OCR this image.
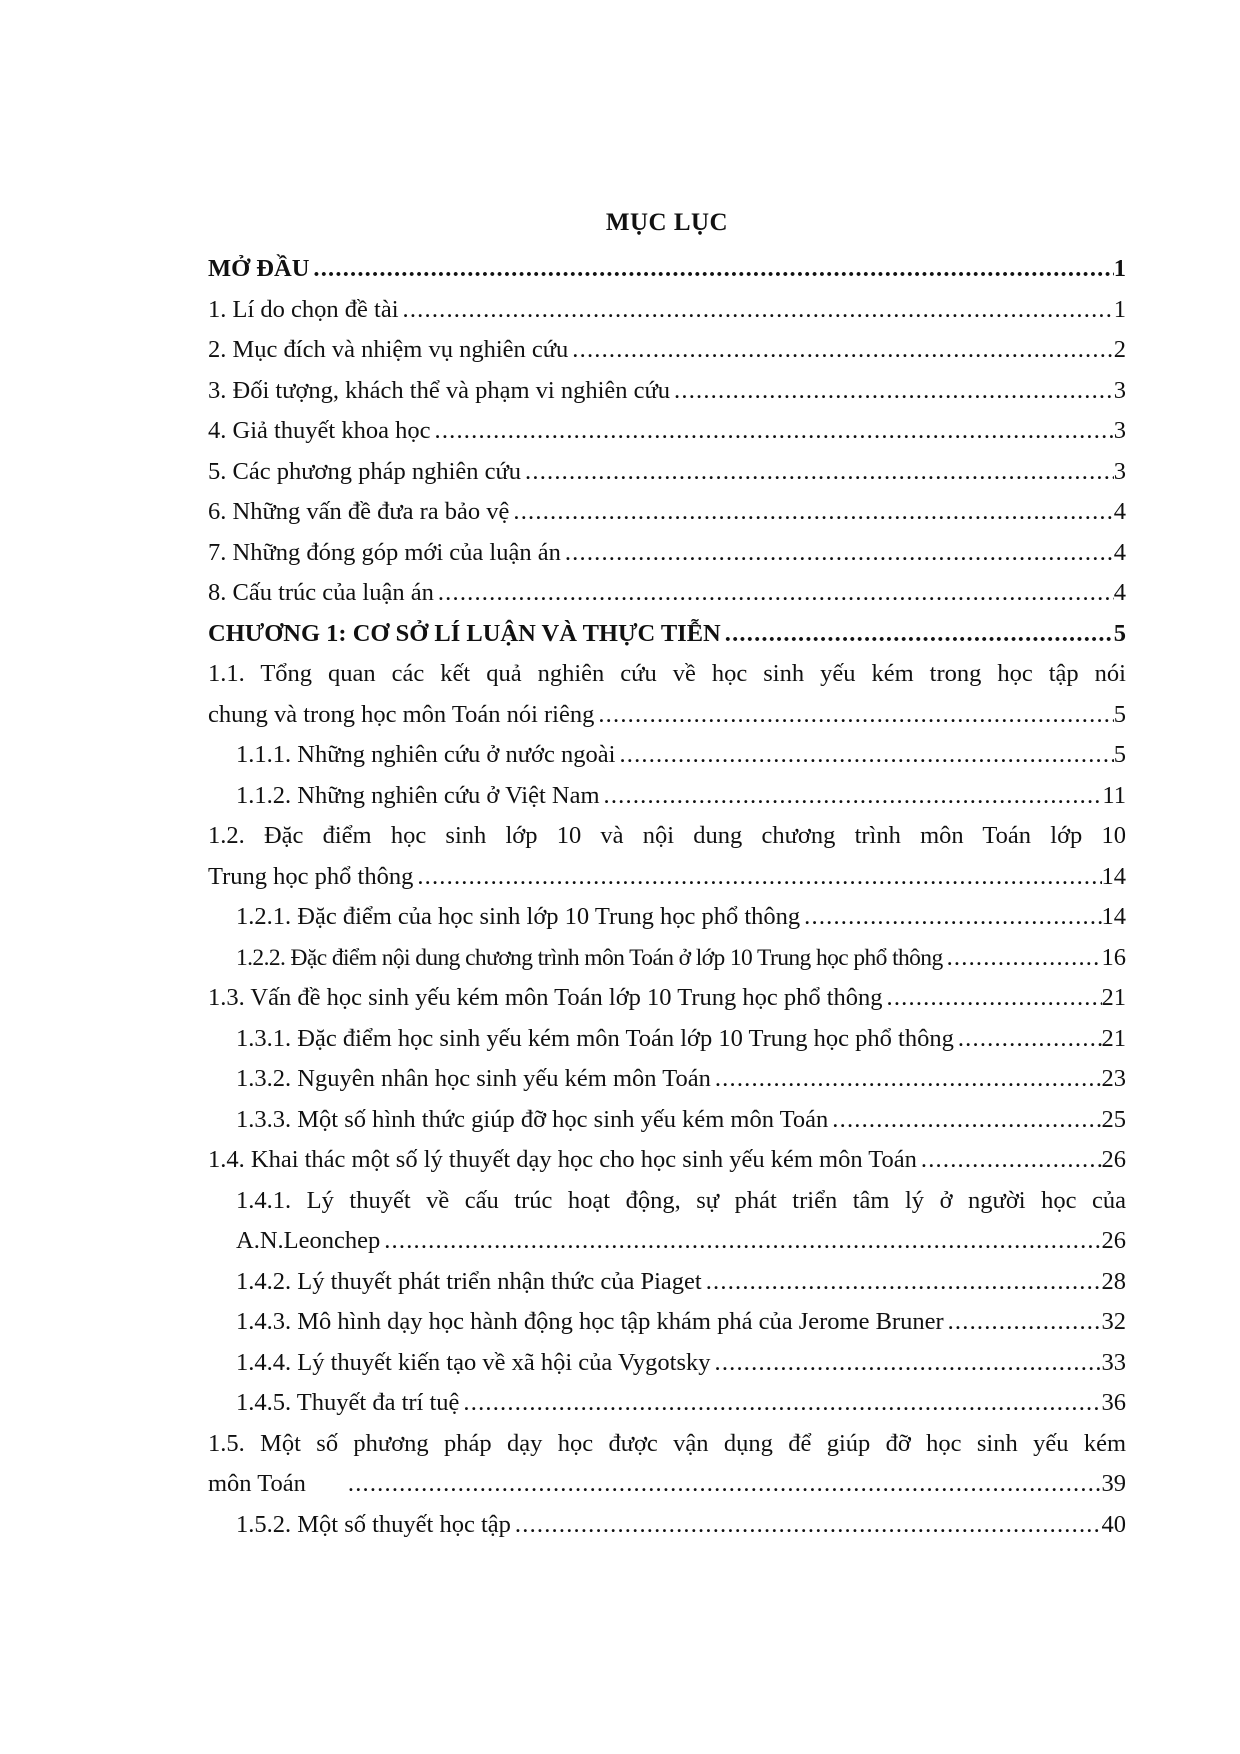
MỤC LỤC
MỞ ĐẦU .....	1
1. Lí do chọn đề tài .....	1
2. Mục đích và nhiệm vụ nghiên cứu .....	2
3. Đối tượng, khách thể và phạm vi nghiên cứu .....	3
4. Giả thuyết khoa học .....	3
5. Các phương pháp nghiên cứu .....	3
6. Những vấn đề đưa ra bảo vệ .....	4
7. Những đóng góp mới của luận án .....	4
8. Cấu trúc của luận án .....	4
CHƯƠNG 1: CƠ SỞ LÍ LUẬN VÀ THỰC TIỄN .....	5
1.1. Tổng quan các kết quả nghiên cứu về học sinh yếu kém trong học tập nói
chung và trong học môn Toán nói riêng .....	5
1.1.1. Những nghiên cứu ở nước ngoài .....	5
1.1.2. Những nghiên cứu ở Việt Nam .....	11
1.2. Đặc điểm học sinh lớp 10 và nội dung chương trình môn Toán lớp 10
Trung học phổ thông .....	14
1.2.1. Đặc điểm của học sinh lớp 10 Trung học phổ thông .....	14
1.2.2. Đặc điểm nội dung chương trình môn Toán ở lớp 10 Trung học phổ thông .....	16
1.3. Vấn đề học sinh yếu kém môn Toán lớp 10 Trung học phổ thông .....	21
1.3.1. Đặc điểm học sinh yếu kém môn Toán lớp 10 Trung học phổ thông .....	21
1.3.2. Nguyên nhân học sinh yếu kém môn Toán .....	23
1.3.3. Một số hình thức giúp đỡ học sinh yếu kém môn Toán .....	25
1.4. Khai thác một số lý thuyết dạy học cho học sinh yếu kém môn Toán .....	26
1.4.1. Lý thuyết về cấu trúc hoạt động, sự phát triển tâm lý ở người học của
A.N.Leonchep .....	26
1.4.2. Lý thuyết phát triển nhận thức của Piaget .....	28
1.4.3. Mô hình dạy học hành động học tập khám phá của Jerome Bruner .....	32
1.4.4. Lý thuyết kiến tạo về xã hội của Vygotsky .....	33
1.4.5. Thuyết đa trí tuệ .....	36
1.5. Một số phương pháp dạy học được vận dụng để giúp đỡ học sinh yếu kém
môn Toán .....	39
1.5.2. Một số thuyết học tập .....	40
